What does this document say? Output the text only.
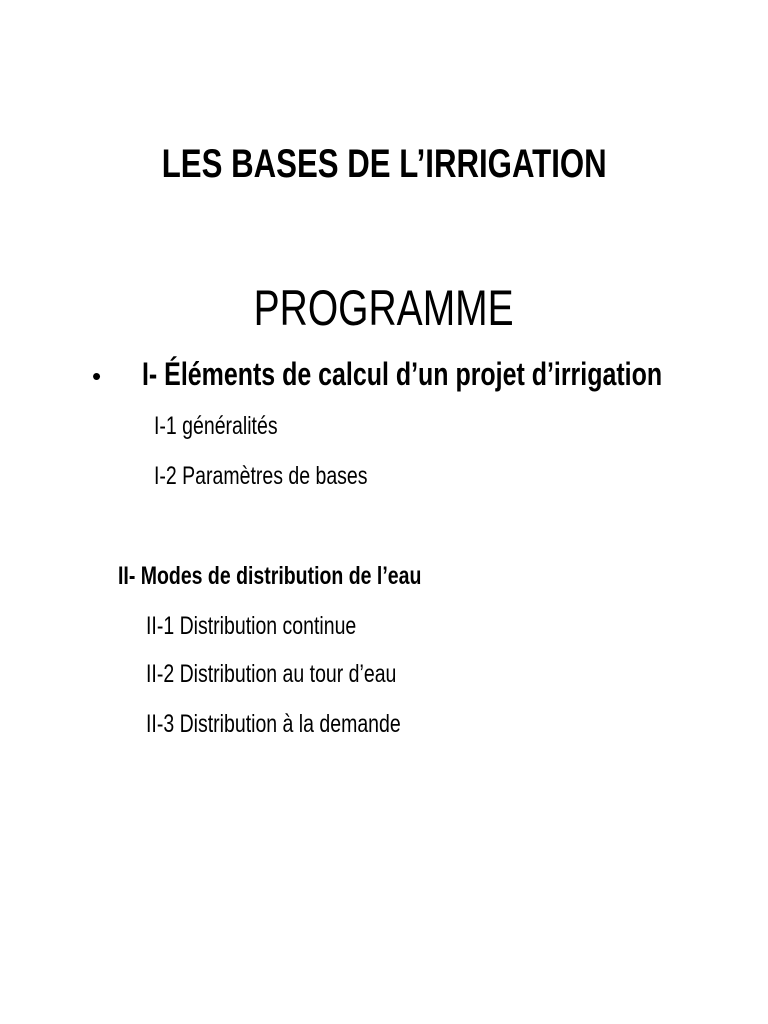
LES BASES DE L’IRRIGATION
PROGRAMME
• I- Éléments de calcul d’un projet d’irrigation
I-1 généralités
I-2 Paramètres de bases
II- Modes de distribution de l’eau
II-1 Distribution continue
II-2 Distribution au tour d’eau
II-3 Distribution à la demande
